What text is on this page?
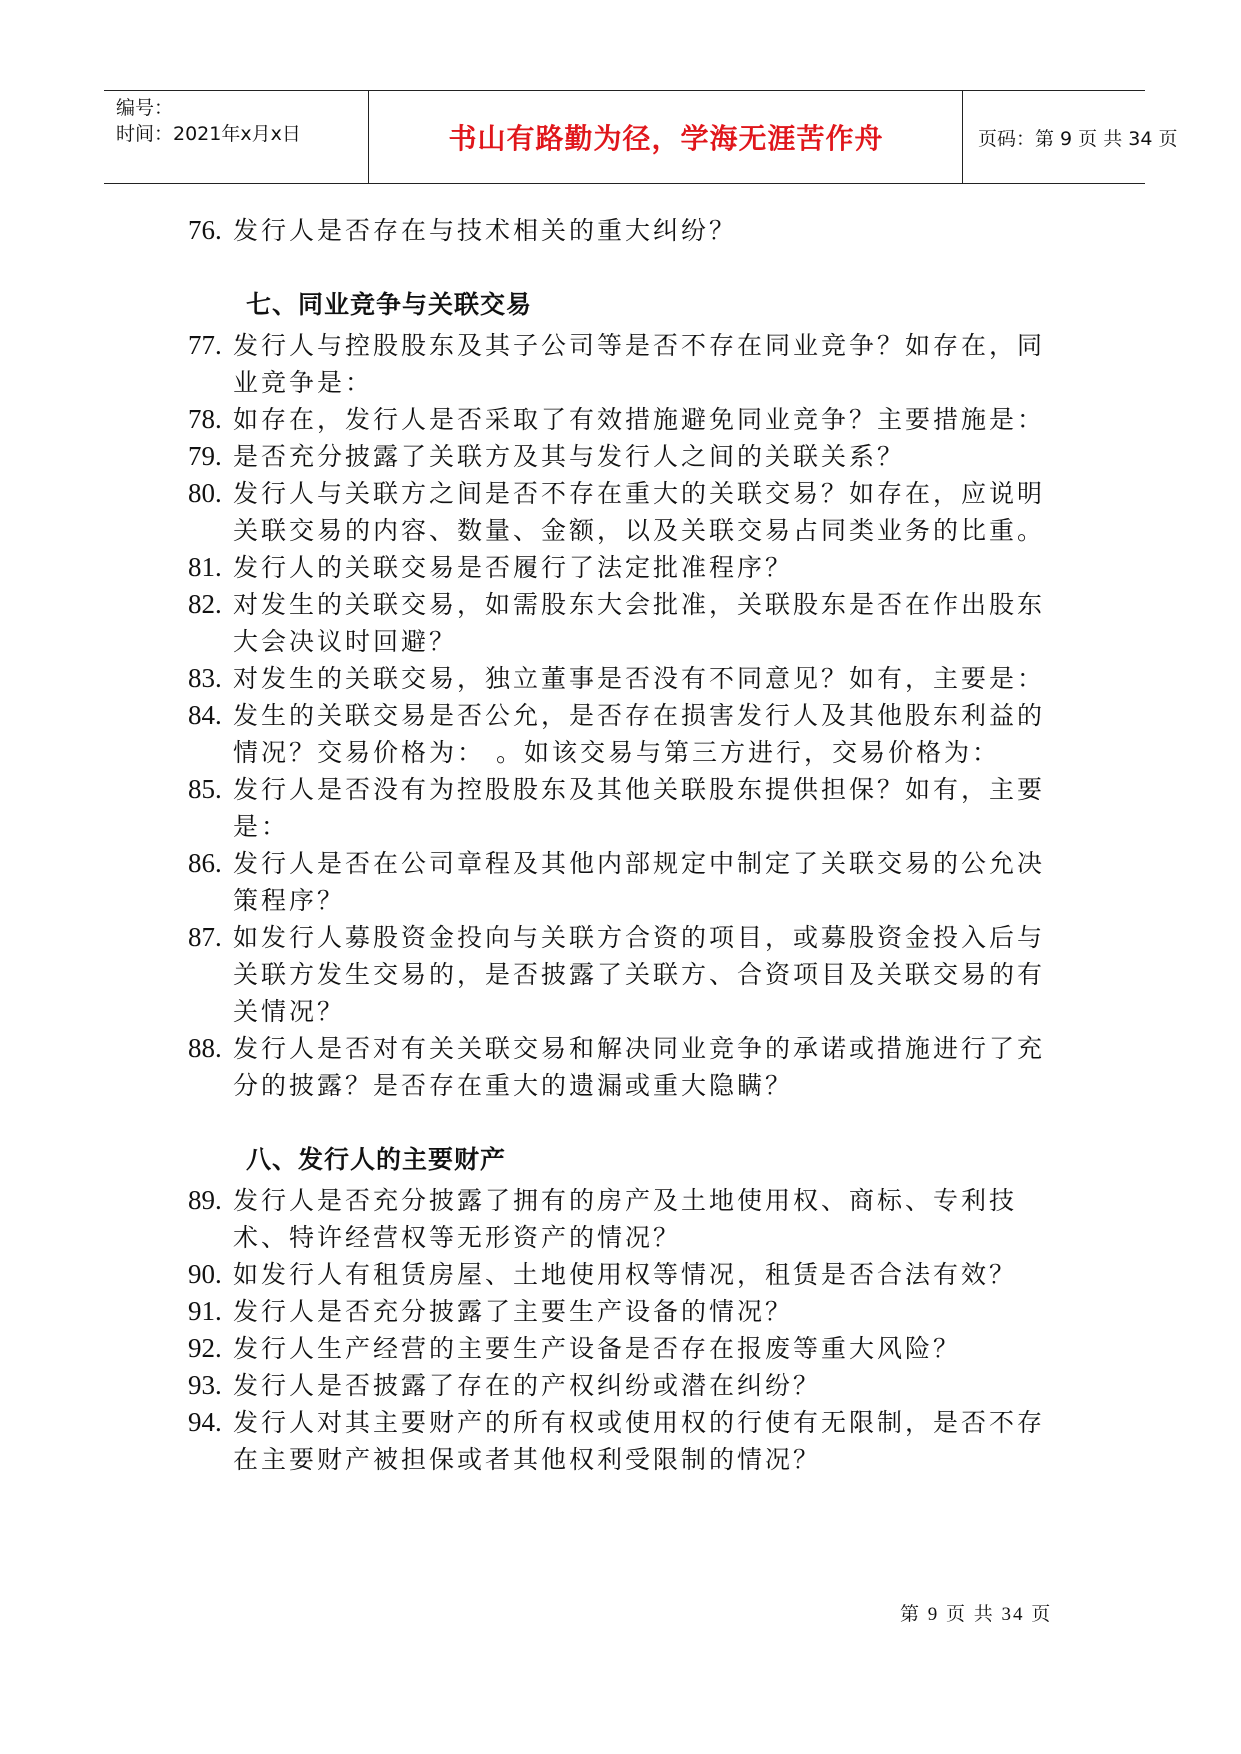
编号：
时间：2021年x月x日	书山有路勤为径，学海无涯苦作舟	页码：第 9 页 共 34 页
76. 发行人是否存在与技术相关的重大纠纷？
七、同业竞争与关联交易
77. 发行人与控股股东及其子公司等是否不存在同业竞争？如存在，同业竞争是：
78. 如存在，发行人是否采取了有效措施避免同业竞争？主要措施是：
79. 是否充分披露了关联方及其与发行人之间的关联关系？
80. 发行人与关联方之间是否不存在重大的关联交易？如存在，应说明关联交易的内容、数量、金额，以及关联交易占同类业务的比重。
81. 发行人的关联交易是否履行了法定批准程序？
82. 对发生的关联交易，如需股东大会批准，关联股东是否在作出股东大会决议时回避？
83. 对发生的关联交易，独立董事是否没有不同意见？如有，主要是：
84. 发生的关联交易是否公允，是否存在损害发行人及其他股东利益的情况？交易价格为： 。如该交易与第三方进行，交易价格为：
85. 发行人是否没有为控股股东及其他关联股东提供担保？如有，主要是：
86. 发行人是否在公司章程及其他内部规定中制定了关联交易的公允决策程序？
87. 如发行人募股资金投向与关联方合资的项目，或募股资金投入后与关联方发生交易的，是否披露了关联方、合资项目及关联交易的有关情况？
88. 发行人是否对有关关联交易和解决同业竞争的承诺或措施进行了充分的披露？是否存在重大的遗漏或重大隐瞒？
八、发行人的主要财产
89. 发行人是否充分披露了拥有的房产及土地使用权、商标、专利技术、特许经营权等无形资产的情况？
90. 如发行人有租赁房屋、土地使用权等情况，租赁是否合法有效？
91. 发行人是否充分披露了主要生产设备的情况？
92. 发行人生产经营的主要生产设备是否存在报废等重大风险？
93. 发行人是否披露了存在的产权纠纷或潜在纠纷？
94. 发行人对其主要财产的所有权或使用权的行使有无限制，是否不存在主要财产被担保或者其他权利受限制的情况？
第 9 页 共 34 页
